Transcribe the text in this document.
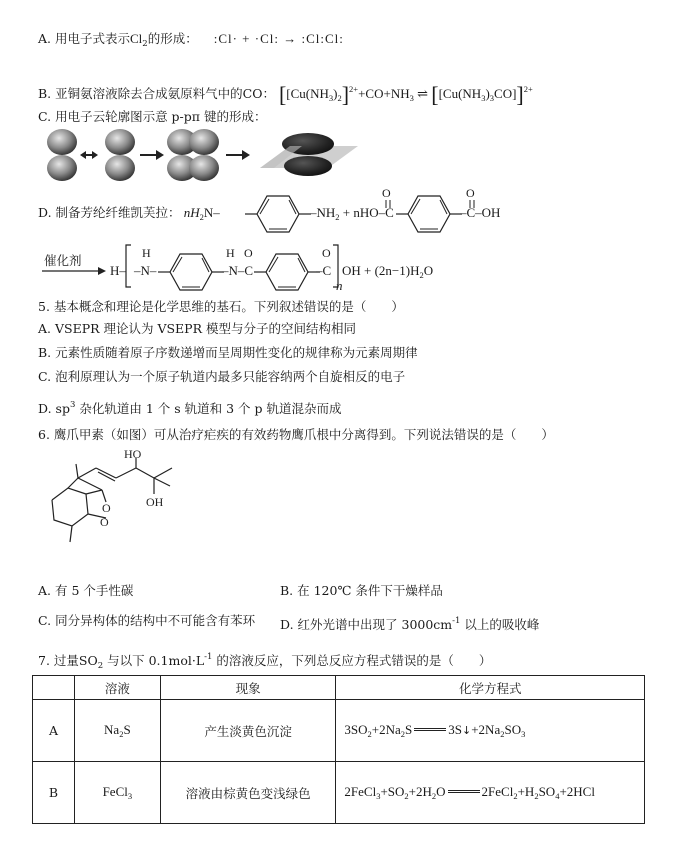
A. 用电子式表示$Cl_2$的形成： :Cl· + ·Cl: → :Cl:Cl:
B. 亚铜氨溶液除去合成氨原料气中的CO： [$[Cu(NH_3)_2]^{2+}+CO+NH_3$ ⇌ $[[Cu(NH_3)_3CO]]^{2+}$
C. 用电子云轮廓图示意 p-pπ 键的形成：
D. 制备芳纶纤维凯芙拉： $nH_2N-$	$-NH_2 + nHO-C$
O
–C–OH
O
催化剂
H–
H
–N–
H O
–N–C
O
–C
n
OH + $(2n-1)H_2O$
5. 基本概念和理论是化学思维的基石。下列叙述错误的是（　　）
A. VSEPR 理论认为 VSEPR 模型与分子的空间结构相同
B. 元素性质随着原子序数递增而呈周期性变化的规律称为元素周期律
C. 泡利原理认为一个原子轨道内最多只能容纳两个自旋相反的电子
D. $sp^3$ 杂化轨道由 1 个 s 轨道和 3 个 p 轨道混杂而成
6. 鹰爪甲素（如图）可从治疗疟疾的有效药物鹰爪根中分离得到。下列说法错误的是（　　）
HO
OH
O
O
A. 有 5 个手性碳	B. 在 120℃ 条件下干燥样品
C. 同分异构体的结构中不可能含有苯环 D. 红外光谱中出现了 $3000cm^{-1}$ 以上的吸收峰
7. 过量$SO_2$ 与以下 $0.1mol\cdot L^{-1}$ 的溶液反应，下列总反应方程式错误的是（　　）
	溶液	现象	化学方程式
A	$Na_2S$	产生淡黄色沉淀	$3SO_2+2Na_2S$ $3S↓+2Na_2SO_3$
B	FeCl$_3$	溶液由棕黄色变浅绿色	$2FeCl_3+SO_2+2H_2O$ $2FeCl_2+H_2SO_4+2HCl$
